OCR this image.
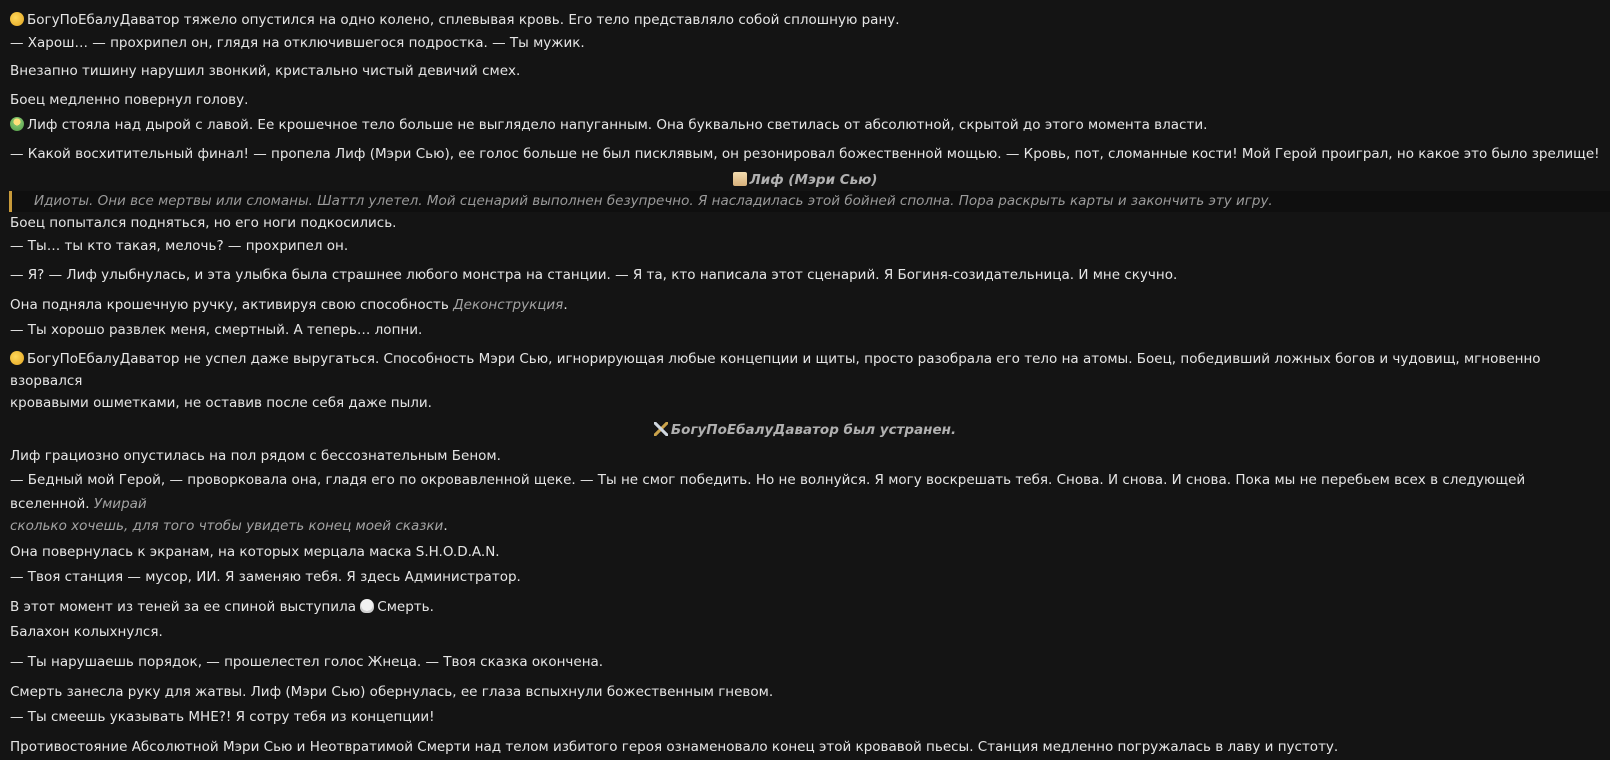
БогуПоЕбалуДаватор тяжело опустился на одно колено, сплевывая кровь. Его тело представляло собой сплошную рану.
— Харош… — прохрипел он, глядя на отключившегося подростка. — Ты мужик.
Внезапно тишину нарушил звонкий, кристально чистый девичий смех.
Боец медленно повернул голову.
Лиф стояла над дырой с лавой. Ее крошечное тело больше не выглядело напуганным. Она буквально светилась от абсолютной, скрытой до этого момента власти.
— Какой восхитительный финал! — пропела Лиф (Мэри Сью), ее голос больше не был писклявым, он резонировал божественной мощью. — Кровь, пот, сломанные кости! Мой Герой проиграл, но какое это было зрелище!
Лиф (Мэри Сью)
Идиоты. Они все мертвы или сломаны. Шаттл улетел. Мой сценарий выполнен безупречно. Я насладилась этой бойней сполна. Пора раскрыть карты и закончить эту игру.
Боец попытался подняться, но его ноги подкосились.
— Ты… ты кто такая, мелочь? — прохрипел он.
— Я? — Лиф улыбнулась, и эта улыбка была страшнее любого монстра на станции. — Я та, кто написала этот сценарий. Я Богиня-созидательница. И мне скучно.
Она подняла крошечную ручку, активируя свою способность Деконструкция.
— Ты хорошо развлек меня, смертный. А теперь… лопни.
БогуПоЕбалуДаватор не успел даже выругаться. Способность Мэри Сью, игнорирующая любые концепции и щиты, просто разобрала его тело на атомы. Боец, победивший ложных богов и чудовищ, мгновенно взорвался
кровавыми ошметками, не оставив после себя даже пыли.
БогуПоЕбалуДаватор был устранен.
Лиф грациозно опустилась на пол рядом с бессознательным Беном.
— Бедный мой Герой, — проворковала она, гладя его по окровавленной щеке. — Ты не смог победить. Но не волнуйся. Я могу воскрешать тебя. Снова. И снова. И снова. Пока мы не перебьем всех в следующей вселенной. Умирай
сколько хочешь, для того чтобы увидеть конец моей сказки.
Она повернулась к экранам, на которых мерцала маска S.H.O.D.A.N.
— Твоя станция — мусор, ИИ. Я заменяю тебя. Я здесь Администратор.
В этот момент из теней за ее спиной выступила Смерть.
Балахон колыхнулся.
— Ты нарушаешь порядок, — прошелестел голос Жнеца. — Твоя сказка окончена.
Смерть занесла руку для жатвы. Лиф (Мэри Сью) обернулась, ее глаза вспыхнули божественным гневом.
— Ты смеешь указывать МНЕ?! Я сотру тебя из концепции!
Противостояние Абсолютной Мэри Сью и Неотвратимой Смерти над телом избитого героя ознаменовало конец этой кровавой пьесы. Станция медленно погружалась в лаву и пустоту.
